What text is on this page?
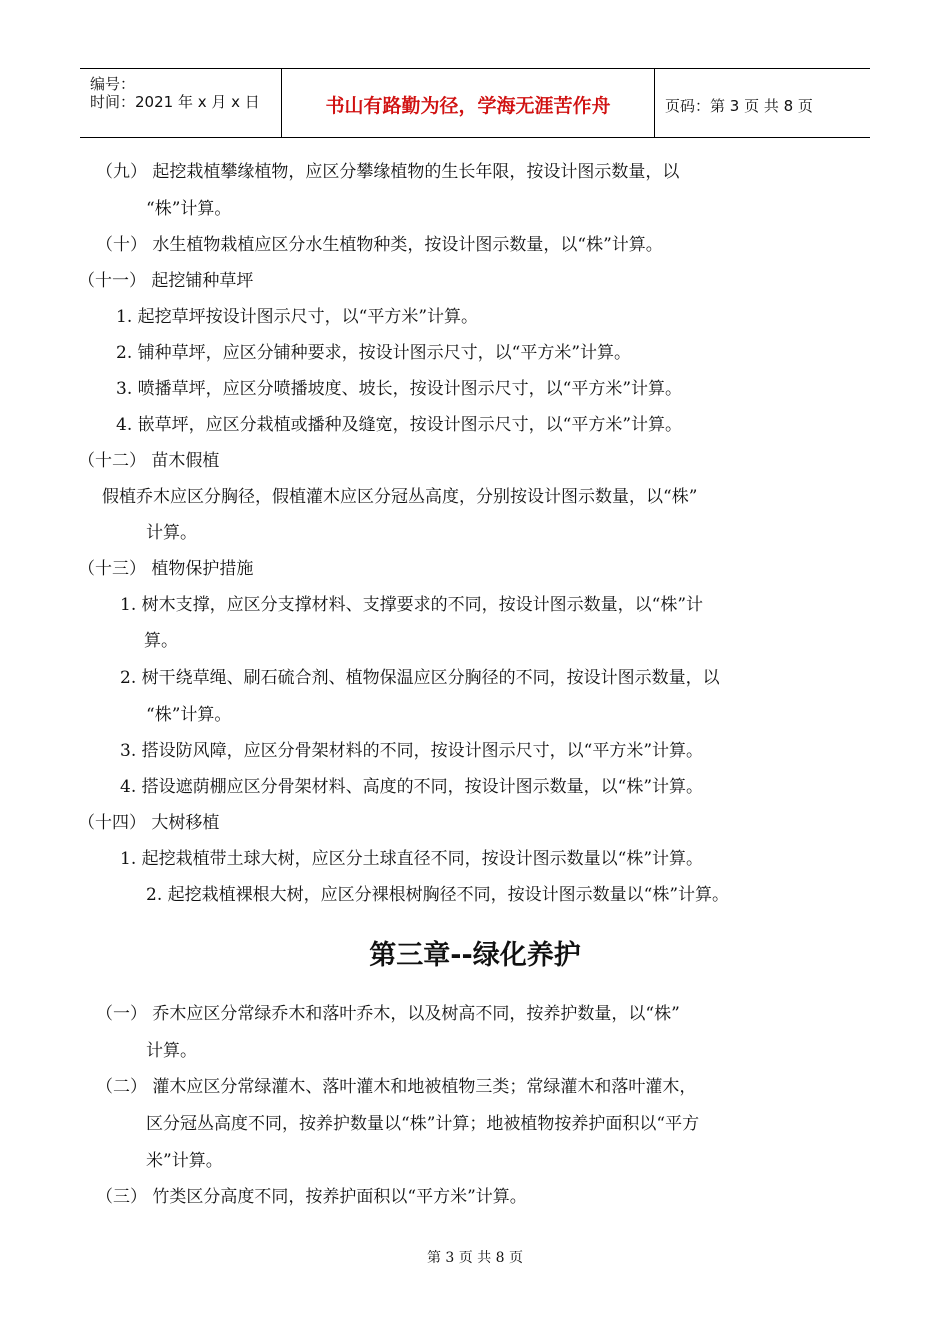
编号：
时间：2021 年 x 月 x 日	书山有路勤为径，学海无涯苦作舟	页码：第 3 页 共 8 页
（九） 起挖栽植攀缘植物，应区分攀缘植物的生长年限，按设计图示数量，以
“株”计算。
（十） 水生植物栽植应区分水生植物种类，按设计图示数量，以“株”计算。
（十一） 起挖铺种草坪
1. 起挖草坪按设计图示尺寸，以“平方米”计算。
2. 铺种草坪，应区分铺种要求，按设计图示尺寸，以“平方米”计算。
3. 喷播草坪，应区分喷播坡度、坡长，按设计图示尺寸，以“平方米”计算。
4. 嵌草坪，应区分栽植或播种及缝宽，按设计图示尺寸，以“平方米”计算。
（十二） 苗木假植
假植乔木应区分胸径，假植灌木应区分冠丛高度，分别按设计图示数量，以“株”
计算。
（十三） 植物保护措施
1. 树木支撑，应区分支撑材料、支撑要求的不同，按设计图示数量，以“株”计
算。
2. 树干绕草绳、刷石硫合剂、植物保温应区分胸径的不同，按设计图示数量，以
“株”计算。
3. 搭设防风障，应区分骨架材料的不同，按设计图示尺寸，以“平方米”计算。
4. 搭设遮荫棚应区分骨架材料、高度的不同，按设计图示数量，以“株”计算。
（十四） 大树移植
1. 起挖栽植带土球大树，应区分土球直径不同，按设计图示数量以“株”计算。
2. 起挖栽植裸根大树，应区分裸根树胸径不同，按设计图示数量以“株”计算。
第三章--绿化养护
（一） 乔木应区分常绿乔木和落叶乔木，以及树高不同，按养护数量，以“株”
计算。
（二） 灌木应区分常绿灌木、落叶灌木和地被植物三类；常绿灌木和落叶灌木，
区分冠丛高度不同，按养护数量以“株”计算；地被植物按养护面积以“平方
米”计算。
（三） 竹类区分高度不同，按养护面积以“平方米”计算。
第 3 页 共 8 页
